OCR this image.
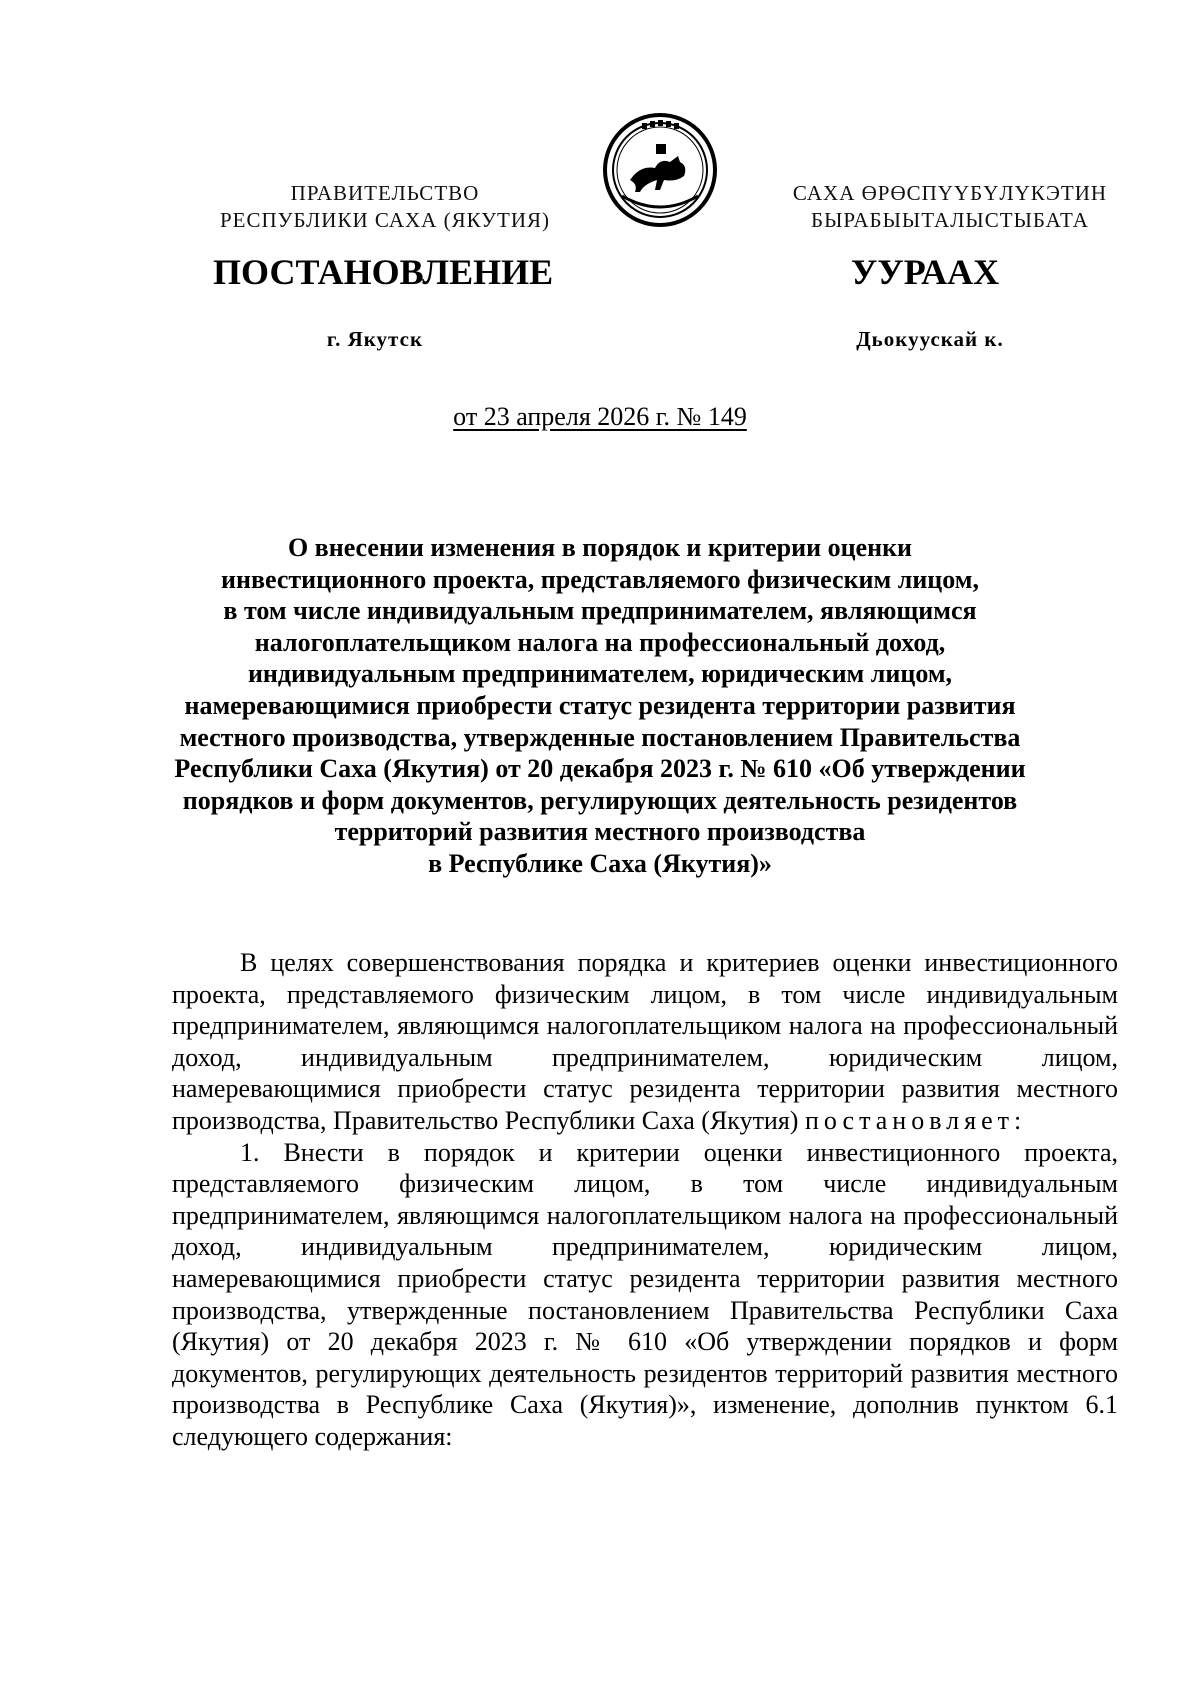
ПРАВИТЕЛЬСТВО
РЕСПУБЛИКИ САХА (ЯКУТИЯ)
САХА ӨРӨСПҮҮБҮЛҮКЭТИН
БЫРАБЫЫТАЛЫСТЫБАТА
ПОСТАНОВЛЕНИЕ	УУРААХ
г. Якутск	Дьокуускай к.
от 23 апреля 2026 г. № 149
О внесении изменения в порядок и критерии оценки
инвестиционного проекта, представляемого физическим лицом,
в том числе индивидуальным предпринимателем, являющимся
налогоплательщиком налога на профессиональный доход,
индивидуальным предпринимателем, юридическим лицом,
намеревающимися приобрести статус резидента территории развития
местного производства, утвержденные постановлением Правительства
Республики Саха (Якутия) от 20 декабря 2023 г. № 610 «Об утверждении
порядков и форм документов, регулирующих деятельность резидентов
территорий развития местного производства
в Республике Саха (Якутия)»

В целях совершенствования порядка и критериев оценки инвестиционного проекта, представляемого физическим лицом, в том числе индивидуальным предпринимателем, являющимся налогоплательщиком налога на профессиональный доход, индивидуальным предпринимателем, юридическим лицом, намеревающимися приобрести статус резидента территории развития местного производства, Правительство Республики Саха (Якутия) постановляет:

1. Внести в порядок и критерии оценки инвестиционного проекта, представляемого физическим лицом, в том числе индивидуальным предпринимателем, являющимся налогоплательщиком налога на профессиональный доход, индивидуальным предпринимателем, юридическим лицом, намеревающимися приобрести статус резидента территории развития местного производства, утвержденные постановлением Правительства Республики Саха (Якутия) от 20 декабря 2023 г. № 610 «Об утверждении порядков и форм документов, регулирующих деятельность резидентов территорий развития местного производства в Республике Саха (Якутия)», изменение, дополнив пунктом 6.1 следующего содержания:
